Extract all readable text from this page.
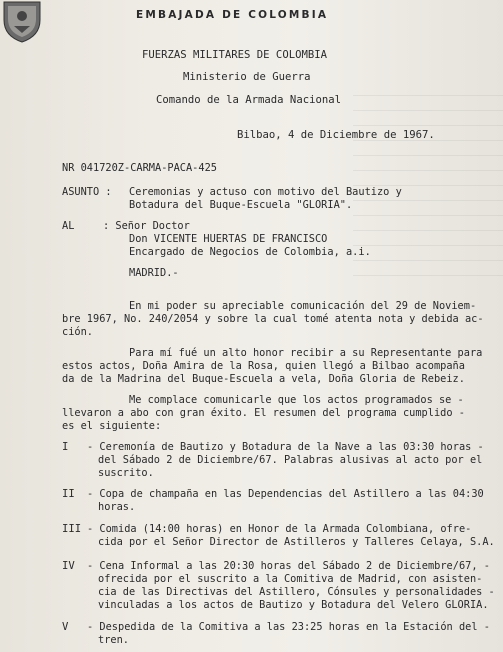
EMBAJADA DE COLOMBIA
FUERZAS MILITARES DE COLOMBIA
Ministerio de Guerra
Comando de la Armada Nacional
Bilbao, 4 de Diciembre de 1967.
NR 041720Z-CARMA-PACA-425
ASUNTO : Ceremonias y actuso con motivo del Bautizo y
Botadura del Buque-Escuela "GLORIA".
AL	: Señor Doctor
Don VICENTE HUERTAS DE FRANCISCO
Encargado de Negocios de Colombia, a.i.
MADRID.-
En mi poder su apreciable comunicación del 29 de Noviem-
bre 1967, No. 240/2054 y sobre la cual tomé atenta nota y debida ac-
ción.
Para mí fué un alto honor recibir a su Representante para
estos actos, Doña Amira de la Rosa, quien llegó a Bilbao acompaña
da de la Madrina del Buque-Escuela a vela, Doña Gloria de Rebeiz.
Me complace comunicarle que los actos programados se -
llevaron a abo con gran éxito. El resumen del programa cumplido -
es el siguiente:
I - Ceremonía de Bautizo y Botadura de la Nave a las 03:30 horas -
del Sábado 2 de Diciembre/67. Palabras alusivas al acto por el
suscrito.
II - Copa de champaña en las Dependencias del Astillero a las 04:30
horas.
III - Comida (14:00 horas) en Honor de la Armada Colombiana, ofre-
cida por el Señor Director de Astilleros y Talleres Celaya, S.A.
IV - Cena Informal a las 20:30 horas del Sábado 2 de Diciembre/67, -
ofrecida por el suscrito a la Comitiva de Madrid, con asisten-
cia de las Directivas del Astillero, Cónsules y personalidades -
vinculadas a los actos de Bautizo y Botadura del Velero GLORIA.
V - Despedida de la Comitiva a las 23:25 horas en la Estación del -
tren.
